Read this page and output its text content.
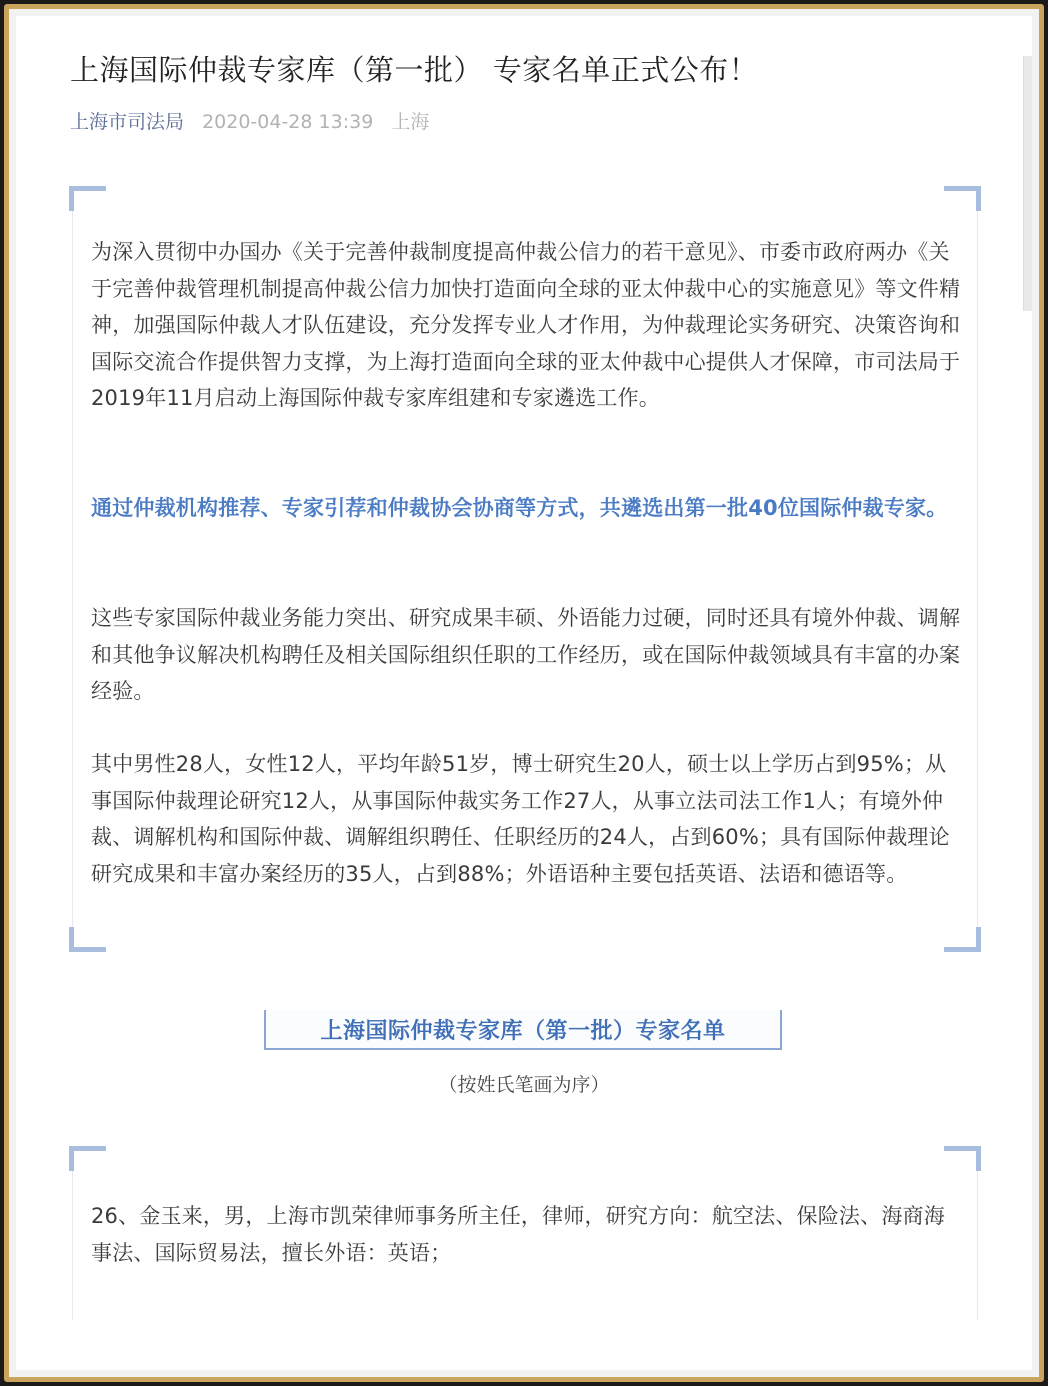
上海国际仲裁专家库（第一批） 专家名单正式公布！
上海市司法局 2020-04-28 13:39 上海
为深入贯彻中办国办《关于完善仲裁制度提高仲裁公信力的若干意见》、市委市政府两办《关于完善仲裁管理机制提高仲裁公信力加快打造面向全球的亚太仲裁中心的实施意见》等文件精神，加强国际仲裁人才队伍建设，充分发挥专业人才作用，为仲裁理论实务研究、决策咨询和国际交流合作提供智力支撑，为上海打造面向全球的亚太仲裁中心提供人才保障，市司法局于2019年11月启动上海国际仲裁专家库组建和专家遴选工作。
通过仲裁机构推荐、专家引荐和仲裁协会协商等方式，共遴选出第一批40位国际仲裁专家。
这些专家国际仲裁业务能力突出、研究成果丰硕、外语能力过硬，同时还具有境外仲裁、调解和其他争议解决机构聘任及相关国际组织任职的工作经历，或在国际仲裁领域具有丰富的办案经验。
其中男性28人，女性12人，平均年龄51岁，博士研究生20人，硕士以上学历占到95%；从事国际仲裁理论研究12人，从事国际仲裁实务工作27人，从事立法司法工作1人；有境外仲裁、调解机构和国际仲裁、调解组织聘任、任职经历的24人，占到60%；具有国际仲裁理论研究成果和丰富办案经历的35人，占到88%；外语语种主要包括英语、法语和德语等。
上海国际仲裁专家库（第一批）专家名单
（按姓氏笔画为序）
26、金玉来，男，上海市凯荣律师事务所主任，律师，研究方向：航空法、保险法、海商海事法、国际贸易法，擅长外语：英语；
